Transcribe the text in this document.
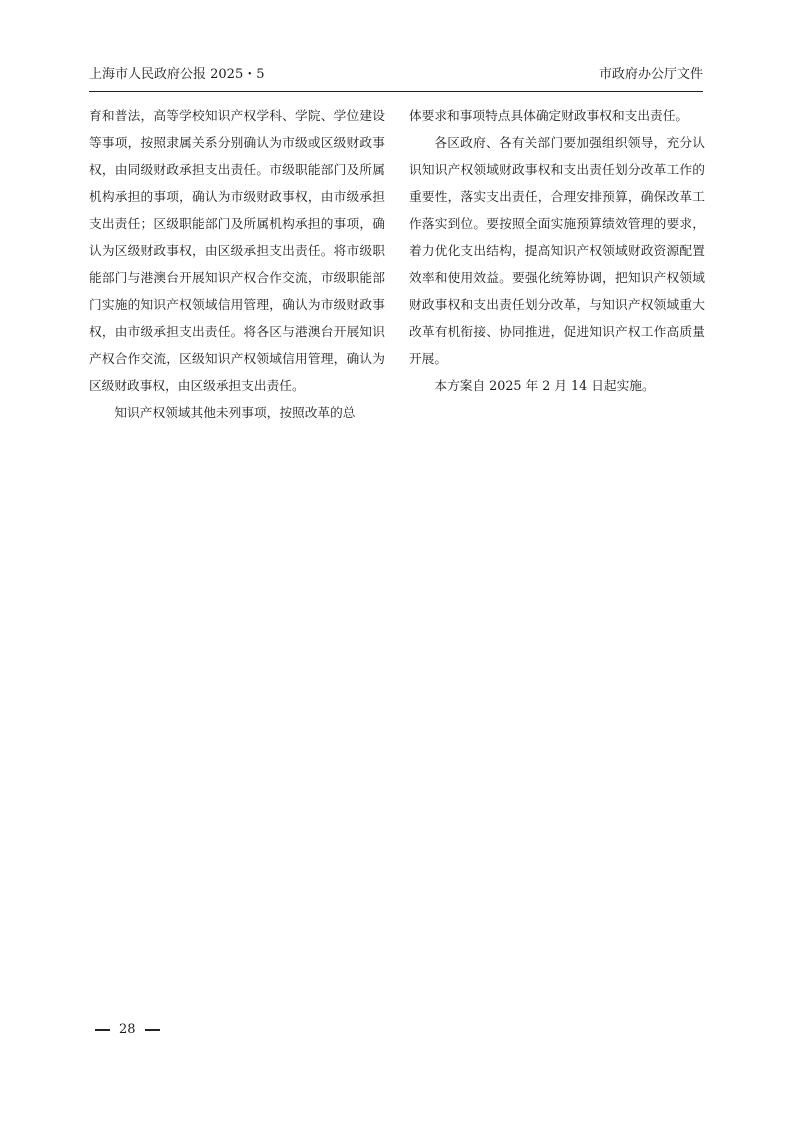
上海市人民政府公报 2025・5	市政府办公厅文件

育和普法，高等学校知识产权学科、学院、学位建设等事项，按照隶属关系分别确认为市级或区级财政事权，由同级财政承担支出责任。市级职能部门及所属机构承担的事项，确认为市级财政事权，由市级承担支出责任；区级职能部门及所属机构承担的事项，确认为区级财政事权，由区级承担支出责任。将市级职能部门与港澳台开展知识产权合作交流，市级职能部门实施的知识产权领域信用管理，确认为市级财政事权，由市级承担支出责任。将各区与港澳台开展知识产权合作交流，区级知识产权领域信用管理，确认为区级财政事权，由区级承担支出责任。

知识产权领域其他未列事项，按照改革的总

体要求和事项特点具体确定财政事权和支出责任。

各区政府、各有关部门要加强组织领导，充分认识知识产权领域财政事权和支出责任划分改革工作的重要性，落实支出责任，合理安排预算，确保改革工作落实到位。要按照全面实施预算绩效管理的要求，着力优化支出结构，提高知识产权领域财政资源配置效率和使用效益。要强化统筹协调，把知识产权领域财政事权和支出责任划分改革，与知识产权领域重大改革有机衔接、协同推进，促进知识产权工作高质量开展。

本方案自 2025 年 2 月 14 日起实施。

28
